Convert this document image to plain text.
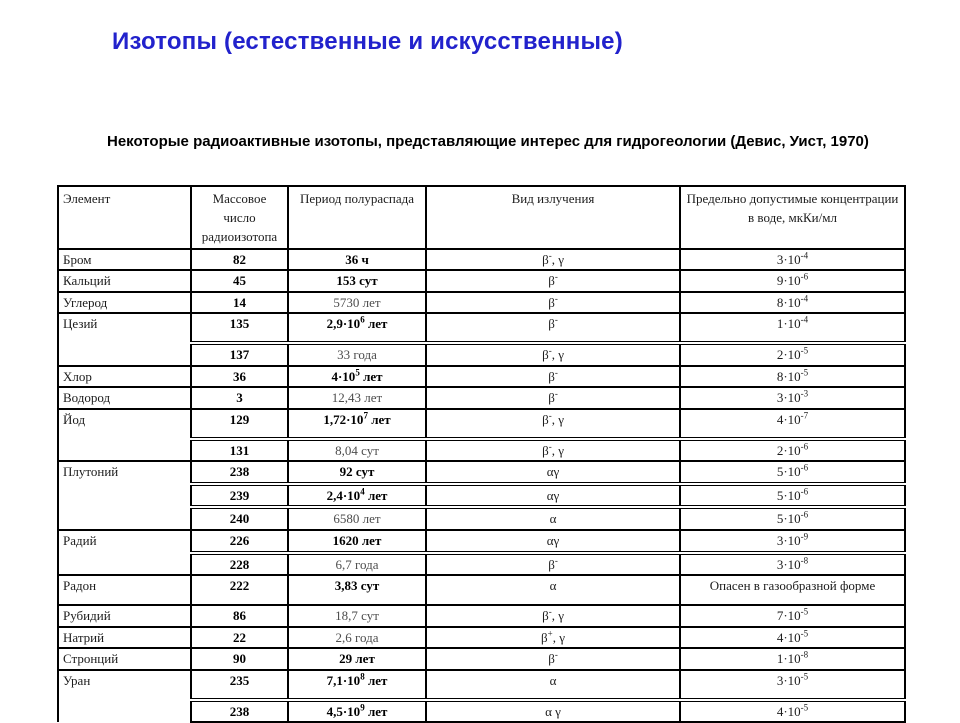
Изотопы (естественные и искусственные)
Некоторые радиоактивные изотопы, представляющие интерес для гидрогеологии (Девис, Уист, 1970)
Элемент	Массовое число радиоизотопа	Период полураспада	Вид излучения	Предельно допустимые концентрации в воде, мкКи/мл
Бром	82	36 ч	β-, γ	$3\cdot 10^{-4}$
Кальций	45	153 сут	β-	$9\cdot 10^{-6}$
Углерод	14	5730 лет	β-	$8\cdot 10^{-4}$
Цезий	135	$2,9\cdot 10^6$ лет	β-	$1\cdot 10^{-4}$
	137	33 года	β-, γ	$2\cdot 10^{-5}$
Хлор	36	$4\cdot 10^5$ лет	β-	$8\cdot 10^{-5}$
Водород	3	12,43 лет	β-	$3\cdot 10^{-3}$
Йод	129	$1,72\cdot 10^7$ лет	β-, γ	$4\cdot 10^{-7}$
	131	8,04 сут	β-, γ	$2\cdot 10^{-6}$
Плутоний	238	92 сут	αγ	$5\cdot 10^{-6}$
	239	$2,4\cdot 10^4$ лет	αγ	$5\cdot 10^{-6}$
	240	6580 лет	α	$5\cdot 10^{-6}$
Радий	226	1620 лет	αγ	$3\cdot 10^{-9}$
	228	6,7 года	β-	$3\cdot 10^{-8}$
Радон	222	3,83 сут	α	Опасен в газообразной форме
Рубидий	86	18,7 сут	β-, γ	$7\cdot 10^{-5}$
Натрий	22	2,6 года	β+, γ	$4\cdot 10^{-5}$
Стронций	90	29 лет	β-	$1\cdot 10^{-8}$
Уран	235	$7,1\cdot 10^8$ лет	α	$3\cdot 10^{-5}$
	238	$4,5\cdot 10^9$ лет	α γ	$4\cdot 10^{-5}$
